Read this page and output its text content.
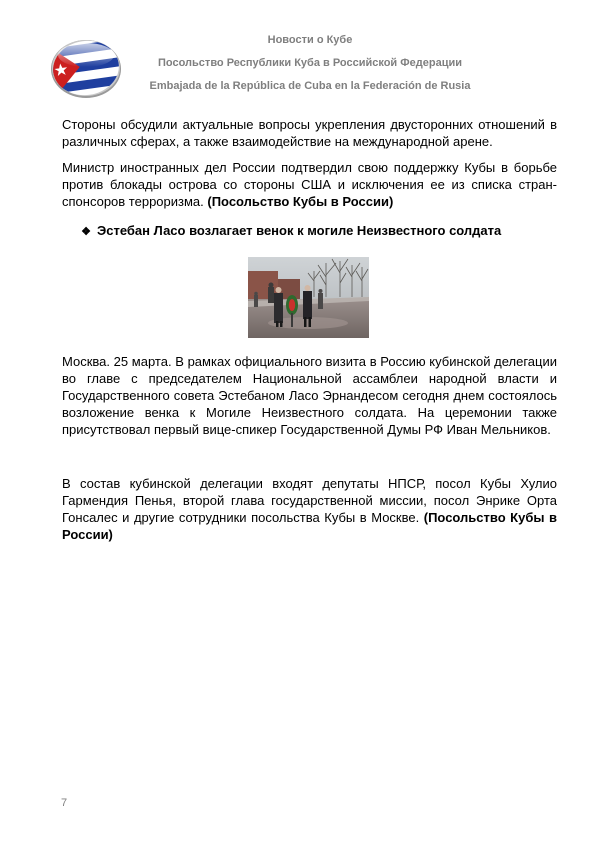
Новости о Кубе
Посольство Республики Куба в Российской Федерации
Embajada de la República de Cuba en la Federación de Rusia

Стороны обсудили актуальные вопросы укрепления двусторонних отношений в различных сферах, а также взаимодействие на международной арене.

Министр иностранных дел России подтвердил свою поддержку Кубы в борьбе против блокады острова со стороны США и исключения ее из списка стран-спонсоров терроризма. (Посольство Кубы в России)

❖ Эстебан Ласо возлагает венок к могиле Неизвестного солдата

Москва. 25 марта. В рамках официального визита в Россию кубинской делегации во главе с председателем Национальной ассамблеи народной власти и Государственного совета Эстебаном Ласо Эрнандесом сегодня днем состоялось возложение венка к Могиле Неизвестного солдата. На церемонии также присутствовал первый вице-спикер Государственной Думы РФ Иван Мельников.

В состав кубинской делегации входят депутаты НПСР, посол Кубы Хулио Гармендия Пенья, второй глава государственной миссии, посол Энрике Орта Гонсалес и другие сотрудники посольства Кубы в Москве. (Посольство Кубы в России)

7
